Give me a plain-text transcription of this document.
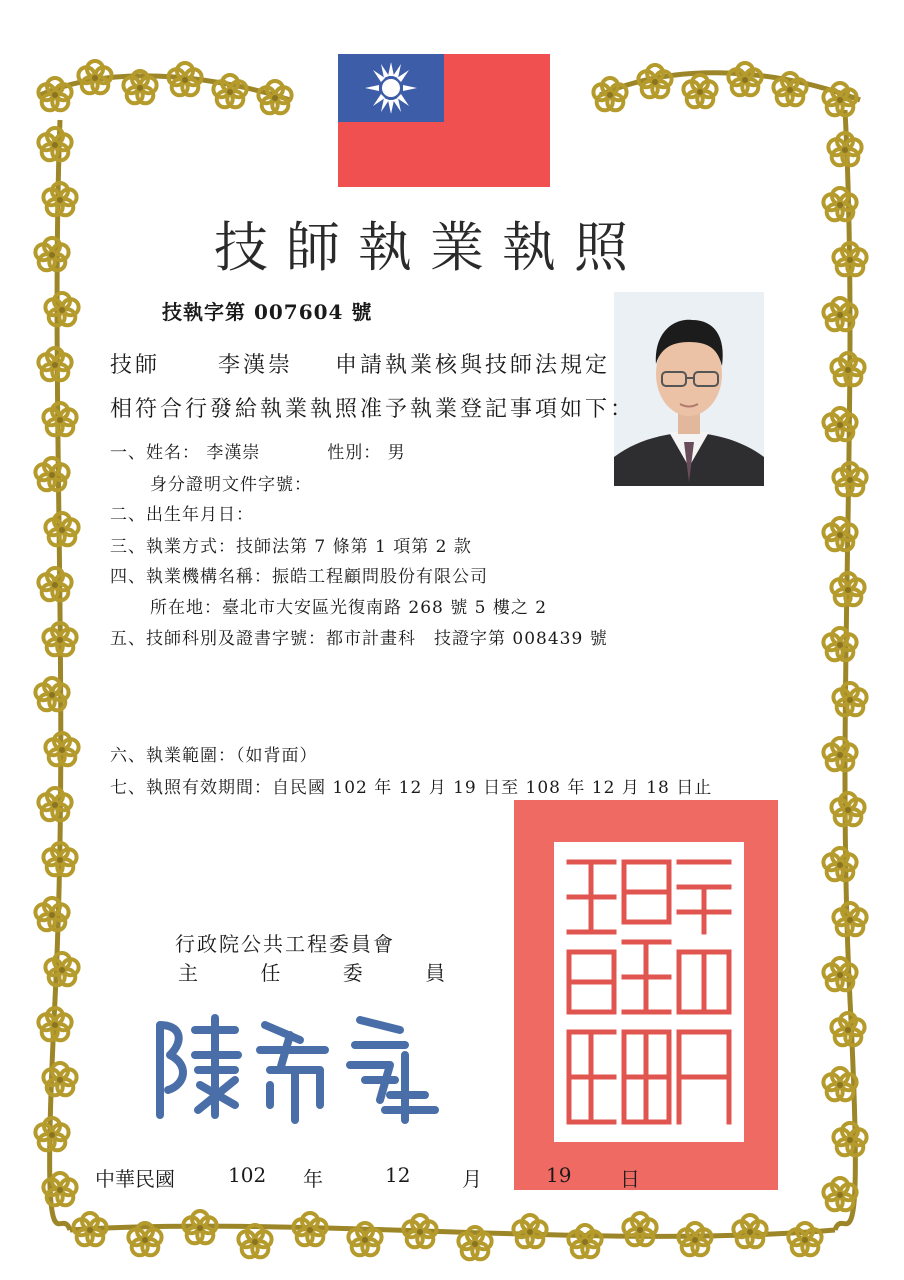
技師執業執照
技執字第 007604 號
技師	李漢崇 申請執業核與技師法規定
相符合行發給執業執照准予執業登記事項如下：
一、姓名： 李漢崇	性別： 男
身分證明文件字號：
二、出生年月日：
三、執業方式：技師法第 7 條第 1 項第 2 款
四、執業機構名稱：振皓工程顧問股份有限公司
所在地：臺北市大安區光復南路 268 號 5 樓之 2
五、技師科別及證書字號：都市計畫科　技證字第 008439 號
六、執業範圍：（如背面）
七、執照有效期間：自民國 102 年 12 月 19 日至 108 年 12 月 18 日止
行政院公共工程委員會
主	任	委	員
中華民國	102 年	12	月	19 日
